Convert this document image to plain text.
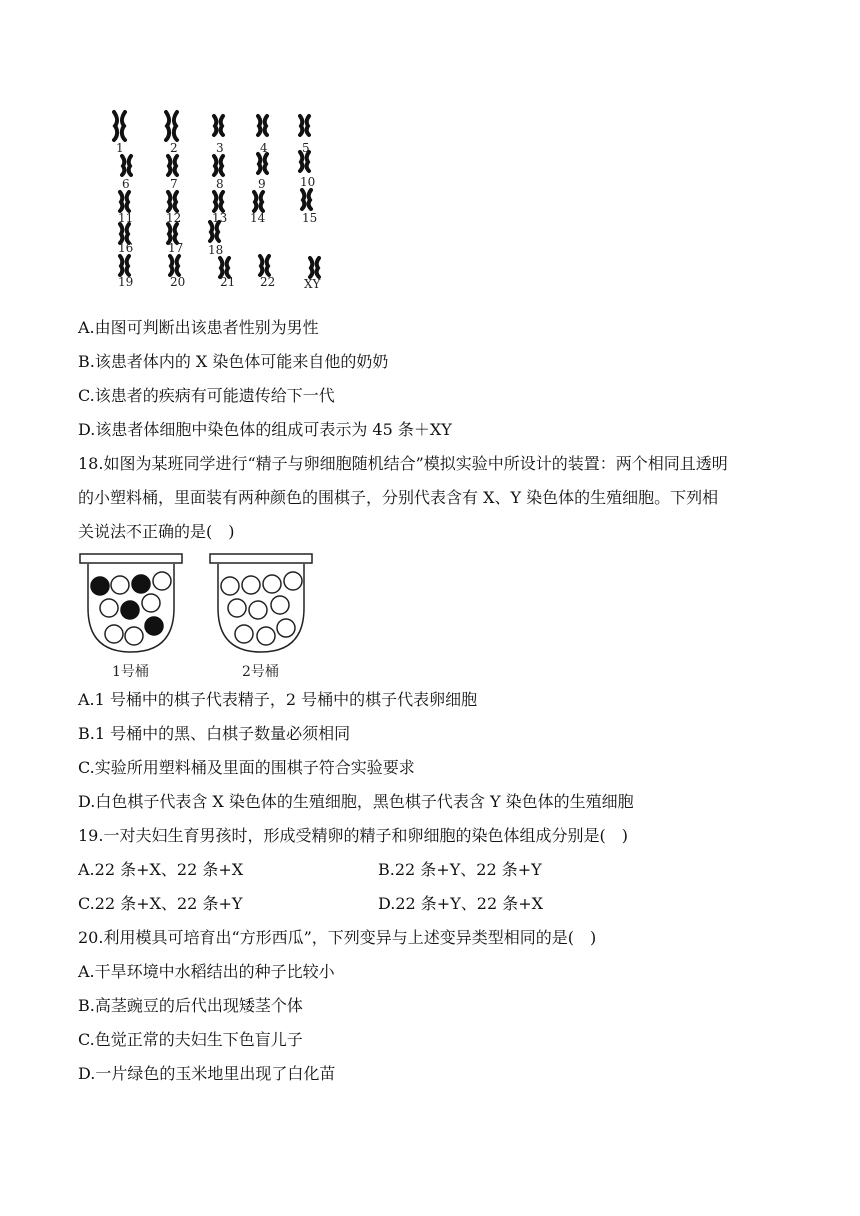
1	2	3	4	5
6	7	8	9	10
11	12	13 14	15
16	17 18
19	20	21 22 XY
A.由图可判断出该患者性别为男性
B.该患者体内的 X 染色体可能来自他的奶奶
C.该患者的疾病有可能遗传给下一代
D.该患者体细胞中染色体的组成可表示为 45 条＋XY
18.如图为某班同学进行“精子与卵细胞随机结合”模拟实验中所设计的装置：两个相同且透明
的小塑料桶，里面装有两种颜色的围棋子，分别代表含有 X、Y 染色体的生殖细胞。下列相
关说法不正确的是(　)
1号桶	2号桶
A.1 号桶中的棋子代表精子，2 号桶中的棋子代表卵细胞
B.1 号桶中的黑、白棋子数量必须相同
C.实验所用塑料桶及里面的围棋子符合实验要求
D.白色棋子代表含 X 染色体的生殖细胞，黑色棋子代表含 Y 染色体的生殖细胞
19.一对夫妇生育男孩时，形成受精卵的精子和卵细胞的染色体组成分别是(　)
A.22 条+X、22 条+X	B.22 条+Y、22 条+Y
C.22 条+X、22 条+Y	D.22 条+Y、22 条+X
20.利用模具可培育出“方形西瓜”，下列变异与上述变异类型相同的是(　)
A.干旱环境中水稻结出的种子比较小
B.高茎豌豆的后代出现矮茎个体
C.色觉正常的夫妇生下色盲儿子
D.一片绿色的玉米地里出现了白化苗
